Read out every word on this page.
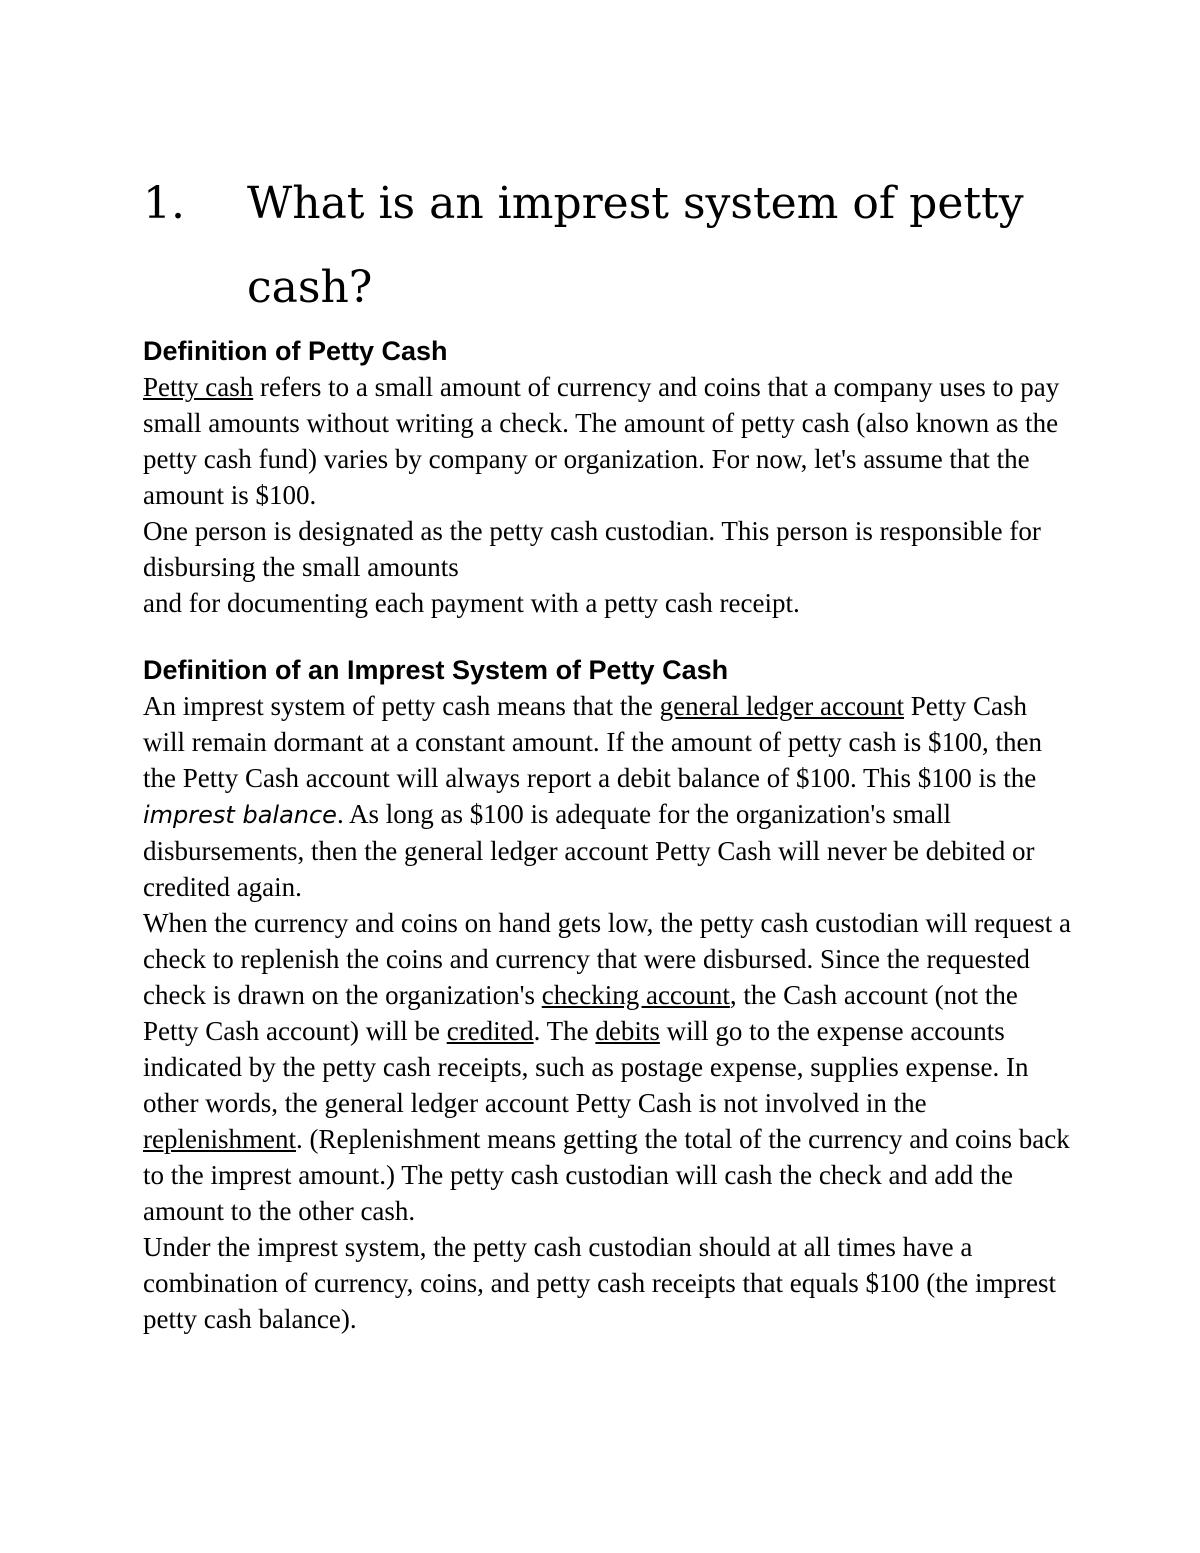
1. What is an imprest system of petty
cash?
Definition of Petty Cash

Petty cash refers to a small amount of currency and coins that a company uses to pay small amounts without writing a check. The amount of petty cash (also known as the petty cash fund) varies by company or organization. For now, let's assume that the amount is $100.

One person is designated as the petty cash custodian. This person is responsible for disbursing the small amounts

and for documenting each payment with a petty cash receipt.

Definition of an Imprest System of Petty Cash

An imprest system of petty cash means that the general ledger account Petty Cash will remain dormant at a constant amount. If the amount of petty cash is $100, then the Petty Cash account will always report a debit balance of $100. This $100 is the imprest balance. As long as $100 is adequate for the organization's small disbursements, then the general ledger account Petty Cash will never be debited or credited again.

When the currency and coins on hand gets low, the petty cash custodian will request a check to replenish the coins and currency that were disbursed. Since the requested check is drawn on the organization's checking account, the Cash account (not the Petty Cash account) will be credited. The debits will go to the expense accounts indicated by the petty cash receipts, such as postage expense, supplies expense. In other words, the general ledger account Petty Cash is not involved in the replenishment. (Replenishment means getting the total of the currency and coins back to the imprest amount.) The petty cash custodian will cash the check and add the amount to the other cash.

Under the imprest system, the petty cash custodian should at all times have a combination of currency, coins, and petty cash receipts that equals $100 (the imprest petty cash balance).
